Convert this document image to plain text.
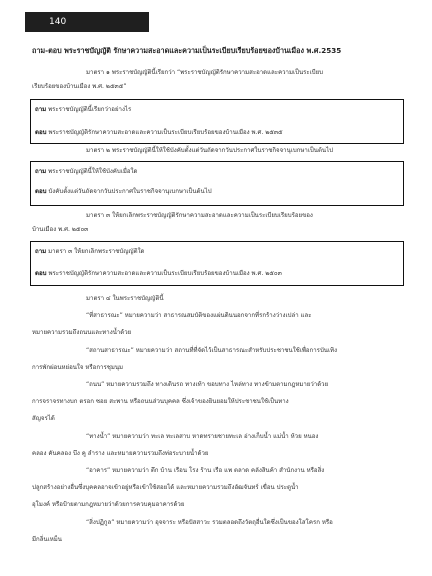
140
ถาม-ตอบ พระราชบัญญัติ รักษาความสะอาดและความเป็นระเบียบเรียบร้อยของบ้านเมือง พ.ศ.2535
มาตรา ๑ พระราชบัญญัตินี้เรียกว่า “พระราชบัญญัติรักษาความสะอาดและความเป็นระเบียบ
เรียบร้อยของบ้านเมือง พ.ศ. ๒๕๓๕”
ถาม พระราชบัญญัตินี้เรียกว่าอย่างไร
ตอบ พระราชบัญญัติรักษาความสะอาดและความเป็นระเบียบเรียบร้อยของบ้านเมือง พ.ศ. ๒๕๓๕
มาตรา ๒ พระราชบัญญัตินี้ให้ใช้บังคับตั้งแต่วันถัดจากวันประกาศในราชกิจจานุเบกษาเป็นต้นไป
ถาม พระราชบัญญัตินี้ให้ใช้บังคับเมื่อใด
ตอบ บังคับตั้งแต่วันถัดจากวันประกาศในราชกิจจานุเบกษาเป็นต้นไป
มาตรา ๓ ให้ยกเลิกพระราชบัญญัติรักษาความสะอาดและความเป็นระเบียบเรียบร้อยของ
บ้านเมือง พ.ศ. ๒๕๐๓
ถาม มาตรา ๓ ให้ยกเลิกพระราชบัญญัติใด
ตอบ พระราชบัญญัติรักษาความสะอาดและความเป็นระเบียบเรียบร้อยของบ้านเมือง พ.ศ. ๒๕๐๓
มาตรา ๔ ในพระราชบัญญัตินี้
“ที่สาธารณะ” หมายความว่า สาธารณสมบัติของแผ่นดินนอกจากที่รกร้างว่างเปล่า และ
หมายความรวมถึงถนนและทางน้ำด้วย
“สถานสาธารณะ” หมายความว่า สถานที่ที่จัดไว้เป็นสาธารณะสำหรับประชาชนใช้เพื่อการบันเทิง
การพักผ่อนหย่อนใจ หรือการชุมนุม
“ถนน” หมายความรวมถึง ทางเดินรถ ทางเท้า ขอบทาง ไหล่ทาง ทางข้ามตามกฎหมายว่าด้วย
การจราจรทางบก ตรอก ซอย สะพาน หรือถนนส่วนบุคคล ซึ่งเจ้าของยินยอมให้ประชาชนใช้เป็นทาง
สัญจรได้
“ทางน้ำ” หมายความว่า ทะเล ทะเลสาบ หาดทรายชายทะเล อ่างเก็บน้ำ แม่น้ำ ห้วย หนอง
คลอง คันคลอง บึง คู ลำราง และหมายความรวมถึงท่อระบายน้ำด้วย
“อาคาร” หมายความว่า ตึก บ้าน เรือน โรง ร้าน เรือ แพ ตลาด คลังสินค้า สำนักงาน หรือสิ่ง
ปลูกสร้างอย่างอื่นซึ่งบุคคลอาจเข้าอยู่หรือเข้าใช้สอยได้ และหมายความรวมถึงอัฒจันทร์ เขื่อน ประตูน้ำ
อุโมงค์ หรือป้ายตามกฎหมายว่าด้วยการควบคุมอาคารด้วย
“สิ่งปฏิกูล” หมายความว่า อุจจาระ หรือปัสสาวะ รวมตลอดถึงวัตถุอื่นใดซึ่งเป็นของโสโครก หรือ
มีกลิ่นเหม็น
